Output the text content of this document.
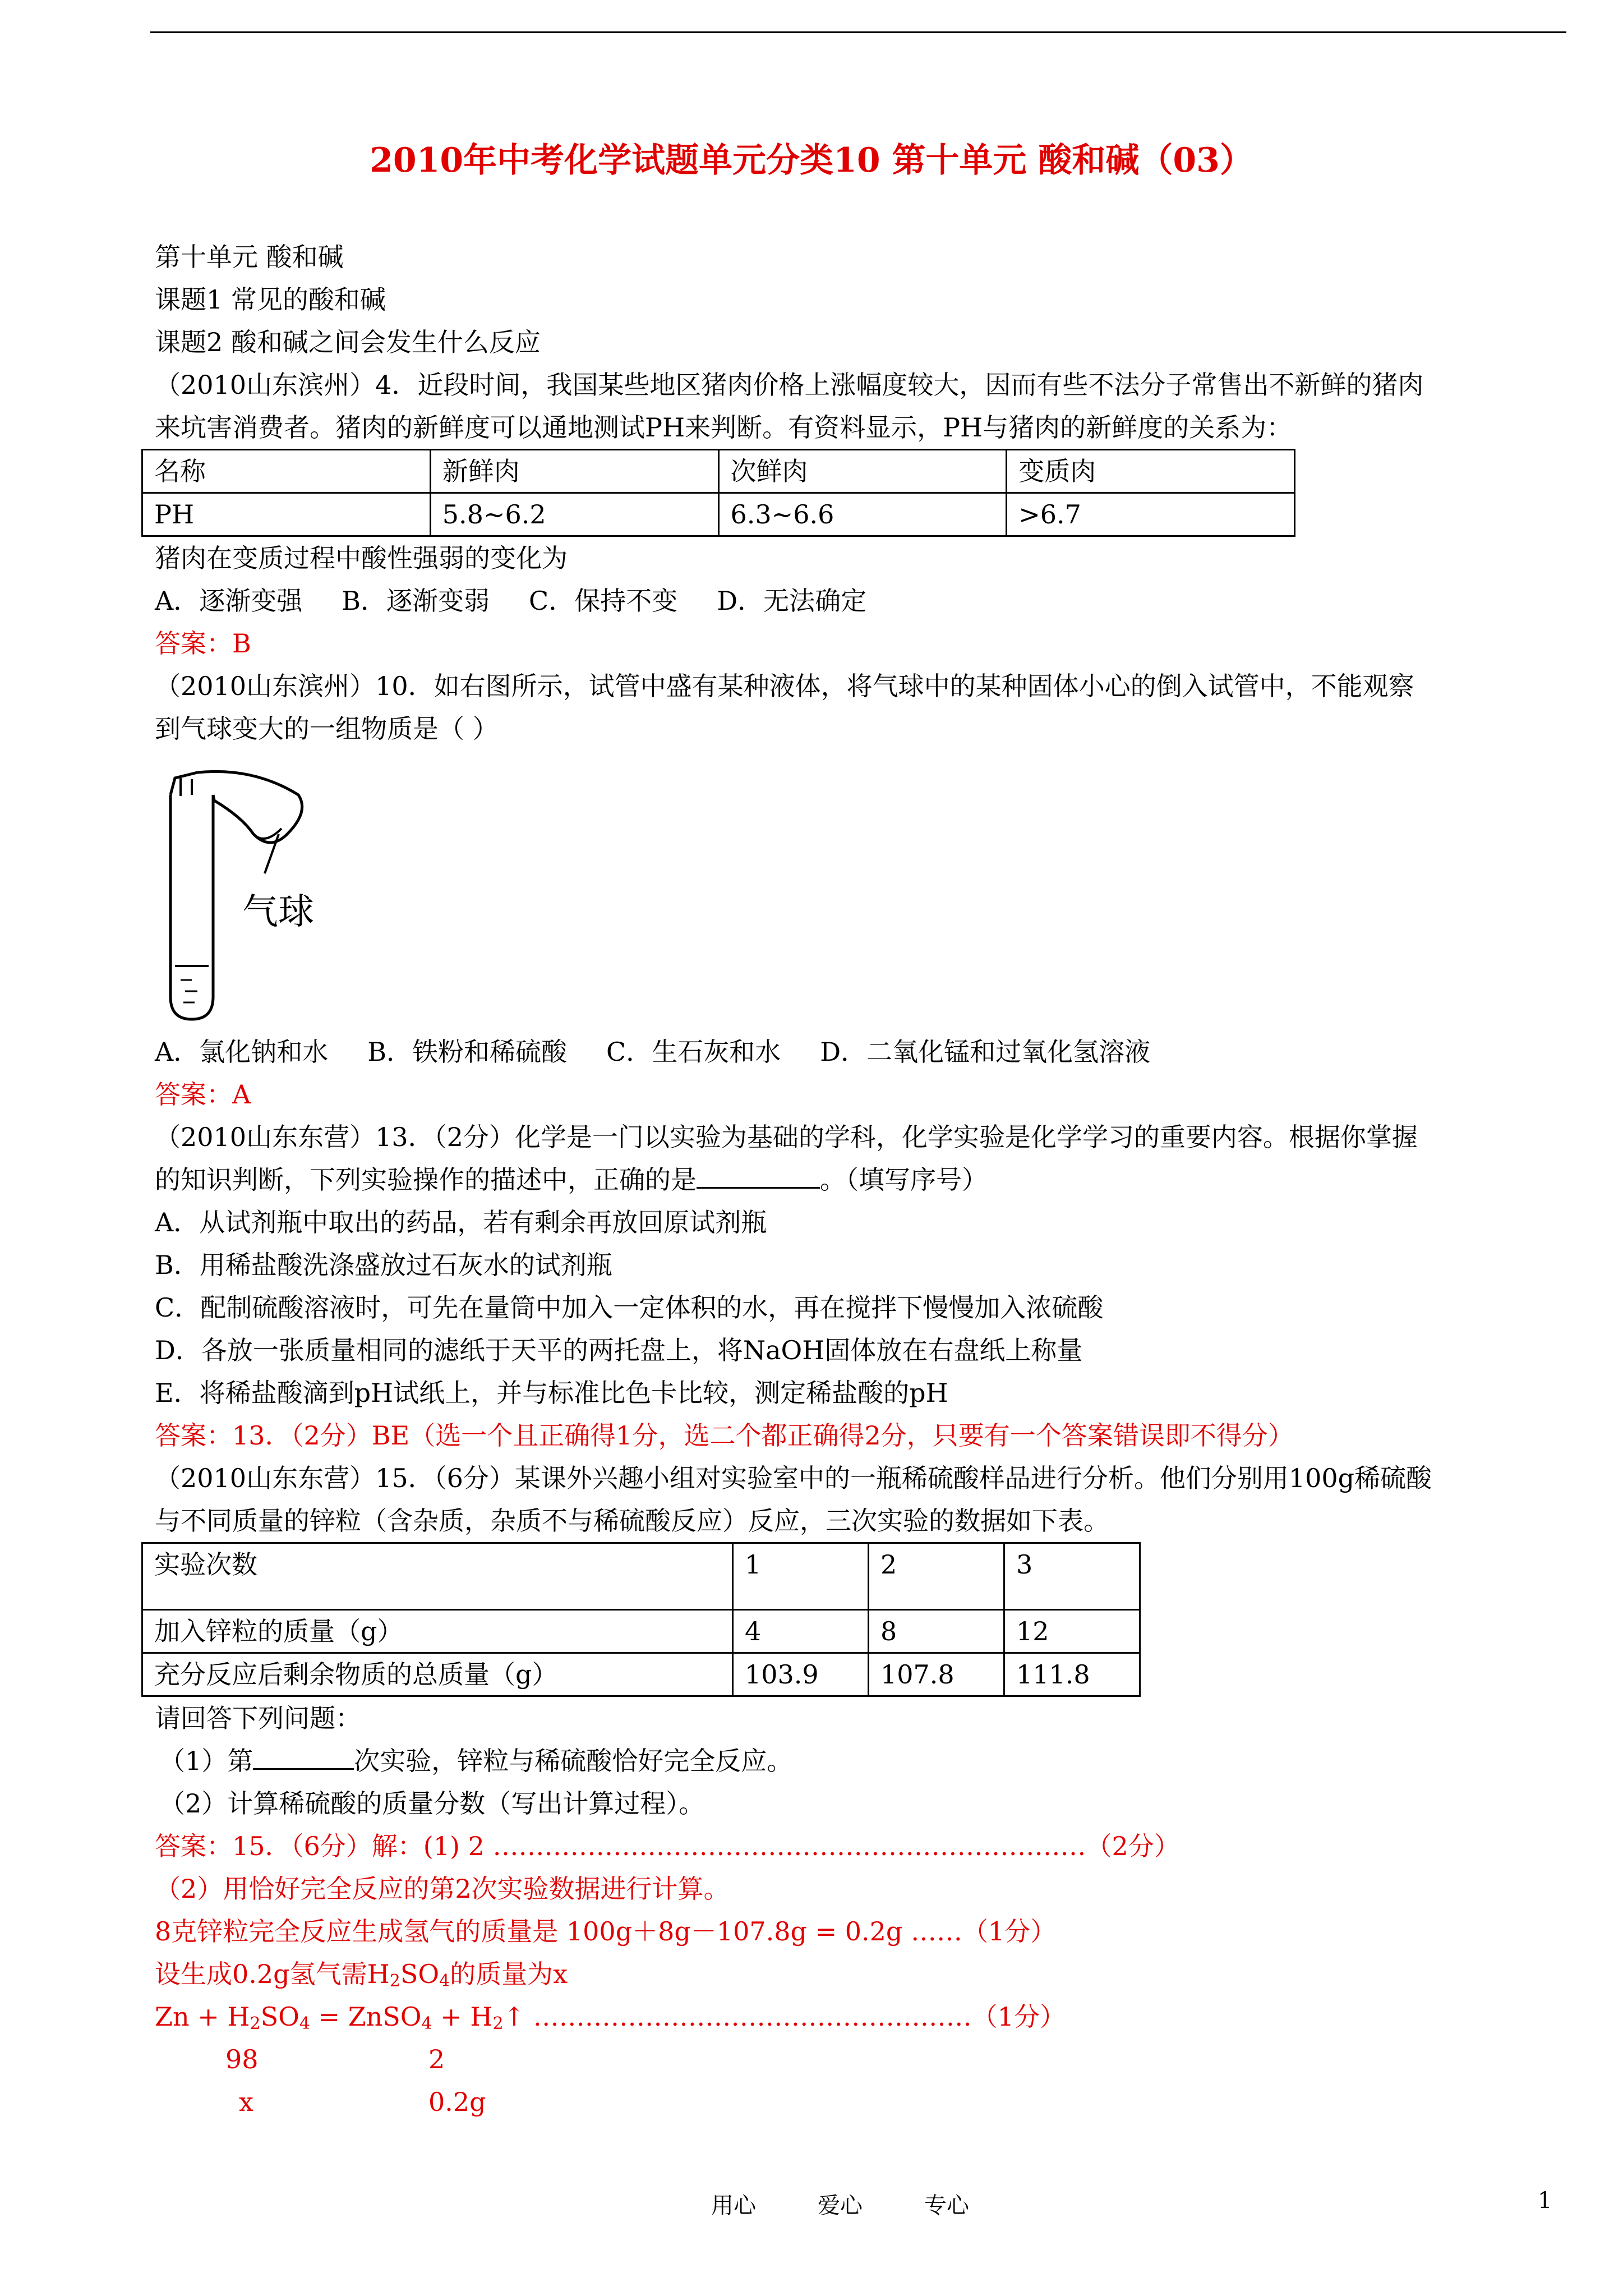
2010年中考化学试题单元分类10 第十单元 酸和碱（03）
第十单元 酸和碱
课题1 常见的酸和碱
课题2 酸和碱之间会发生什么反应
（2010山东滨州）4．近段时间，我国某些地区猪肉价格上涨幅度较大，因而有些不法分子常售出不新鲜的猪肉
来坑害消费者。猪肉的新鲜度可以通地测试PH来判断。有资料显示，PH与猪肉的新鲜度的关系为：
名称	新鲜肉	次鲜肉	变质肉
PH	5.8~6.2	6.3~6.6	>6.7
猪肉在变质过程中酸性强弱的变化为
A．逐渐变强 B．逐渐变弱 C．保持不变 D．无法确定
答案：B
（2010山东滨州）10．如右图所示，试管中盛有某种液体，将气球中的某种固体小心的倒入试管中，不能观察
到气球变大的一组物质是（ ）
气球
A．氯化钠和水 B．铁粉和稀硫酸 C．生石灰和水 D．二氧化锰和过氧化氢溶液
答案：A
（2010山东东营）13．（2分）化学是一门以实验为基础的学科，化学实验是化学学习的重要内容。根据你掌握
的知识判断，下列实验操作的描述中，正确的是	。（填写序号）
A．从试剂瓶中取出的药品，若有剩余再放回原试剂瓶
B．用稀盐酸洗涤盛放过石灰水的试剂瓶
C．配制硫酸溶液时，可先在量筒中加入一定体积的水，再在搅拌下慢慢加入浓硫酸
D．各放一张质量相同的滤纸于天平的两托盘上，将NaOH固体放在右盘纸上称量
E．将稀盐酸滴到pH试纸上，并与标准比色卡比较，测定稀盐酸的pH
答案：13．（2分）BE（选一个且正确得1分，选二个都正确得2分，只要有一个答案错误即不得分）
（2010山东东营）15．（6分）某课外兴趣小组对实验室中的一瓶稀硫酸样品进行分析。他们分别用100g稀硫酸
与不同质量的锌粒（含杂质，杂质不与稀硫酸反应）反应，三次实验的数据如下表。
实验次数	1	2	3
加入锌粒的质量（g）	4	8	12
充分反应后剩余物质的总质量（g）	103.9	107.8	111.8
请回答下列问题：
（1）第	次实验，锌粒与稀硫酸恰好完全反应。
（2）计算稀硫酸的质量分数（写出计算过程）。
答案：15．（6分）解：(1) 2 ……………………………………………………………（2分）
（2）用恰好完全反应的第2次实验数据进行计算。
8克锌粒完全反应生成氢气的质量是 100g＋8g－107.8g = 0.2g ……（1分）
设生成0.2g氢气需$H_2SO_4$的质量为x
$Zn + H_2SO_4$ = ZnSO$_4$ + $H_2↑$ ……………………………………………（1分）
98	2
x	0.2g
用心	爱心	专心	1
